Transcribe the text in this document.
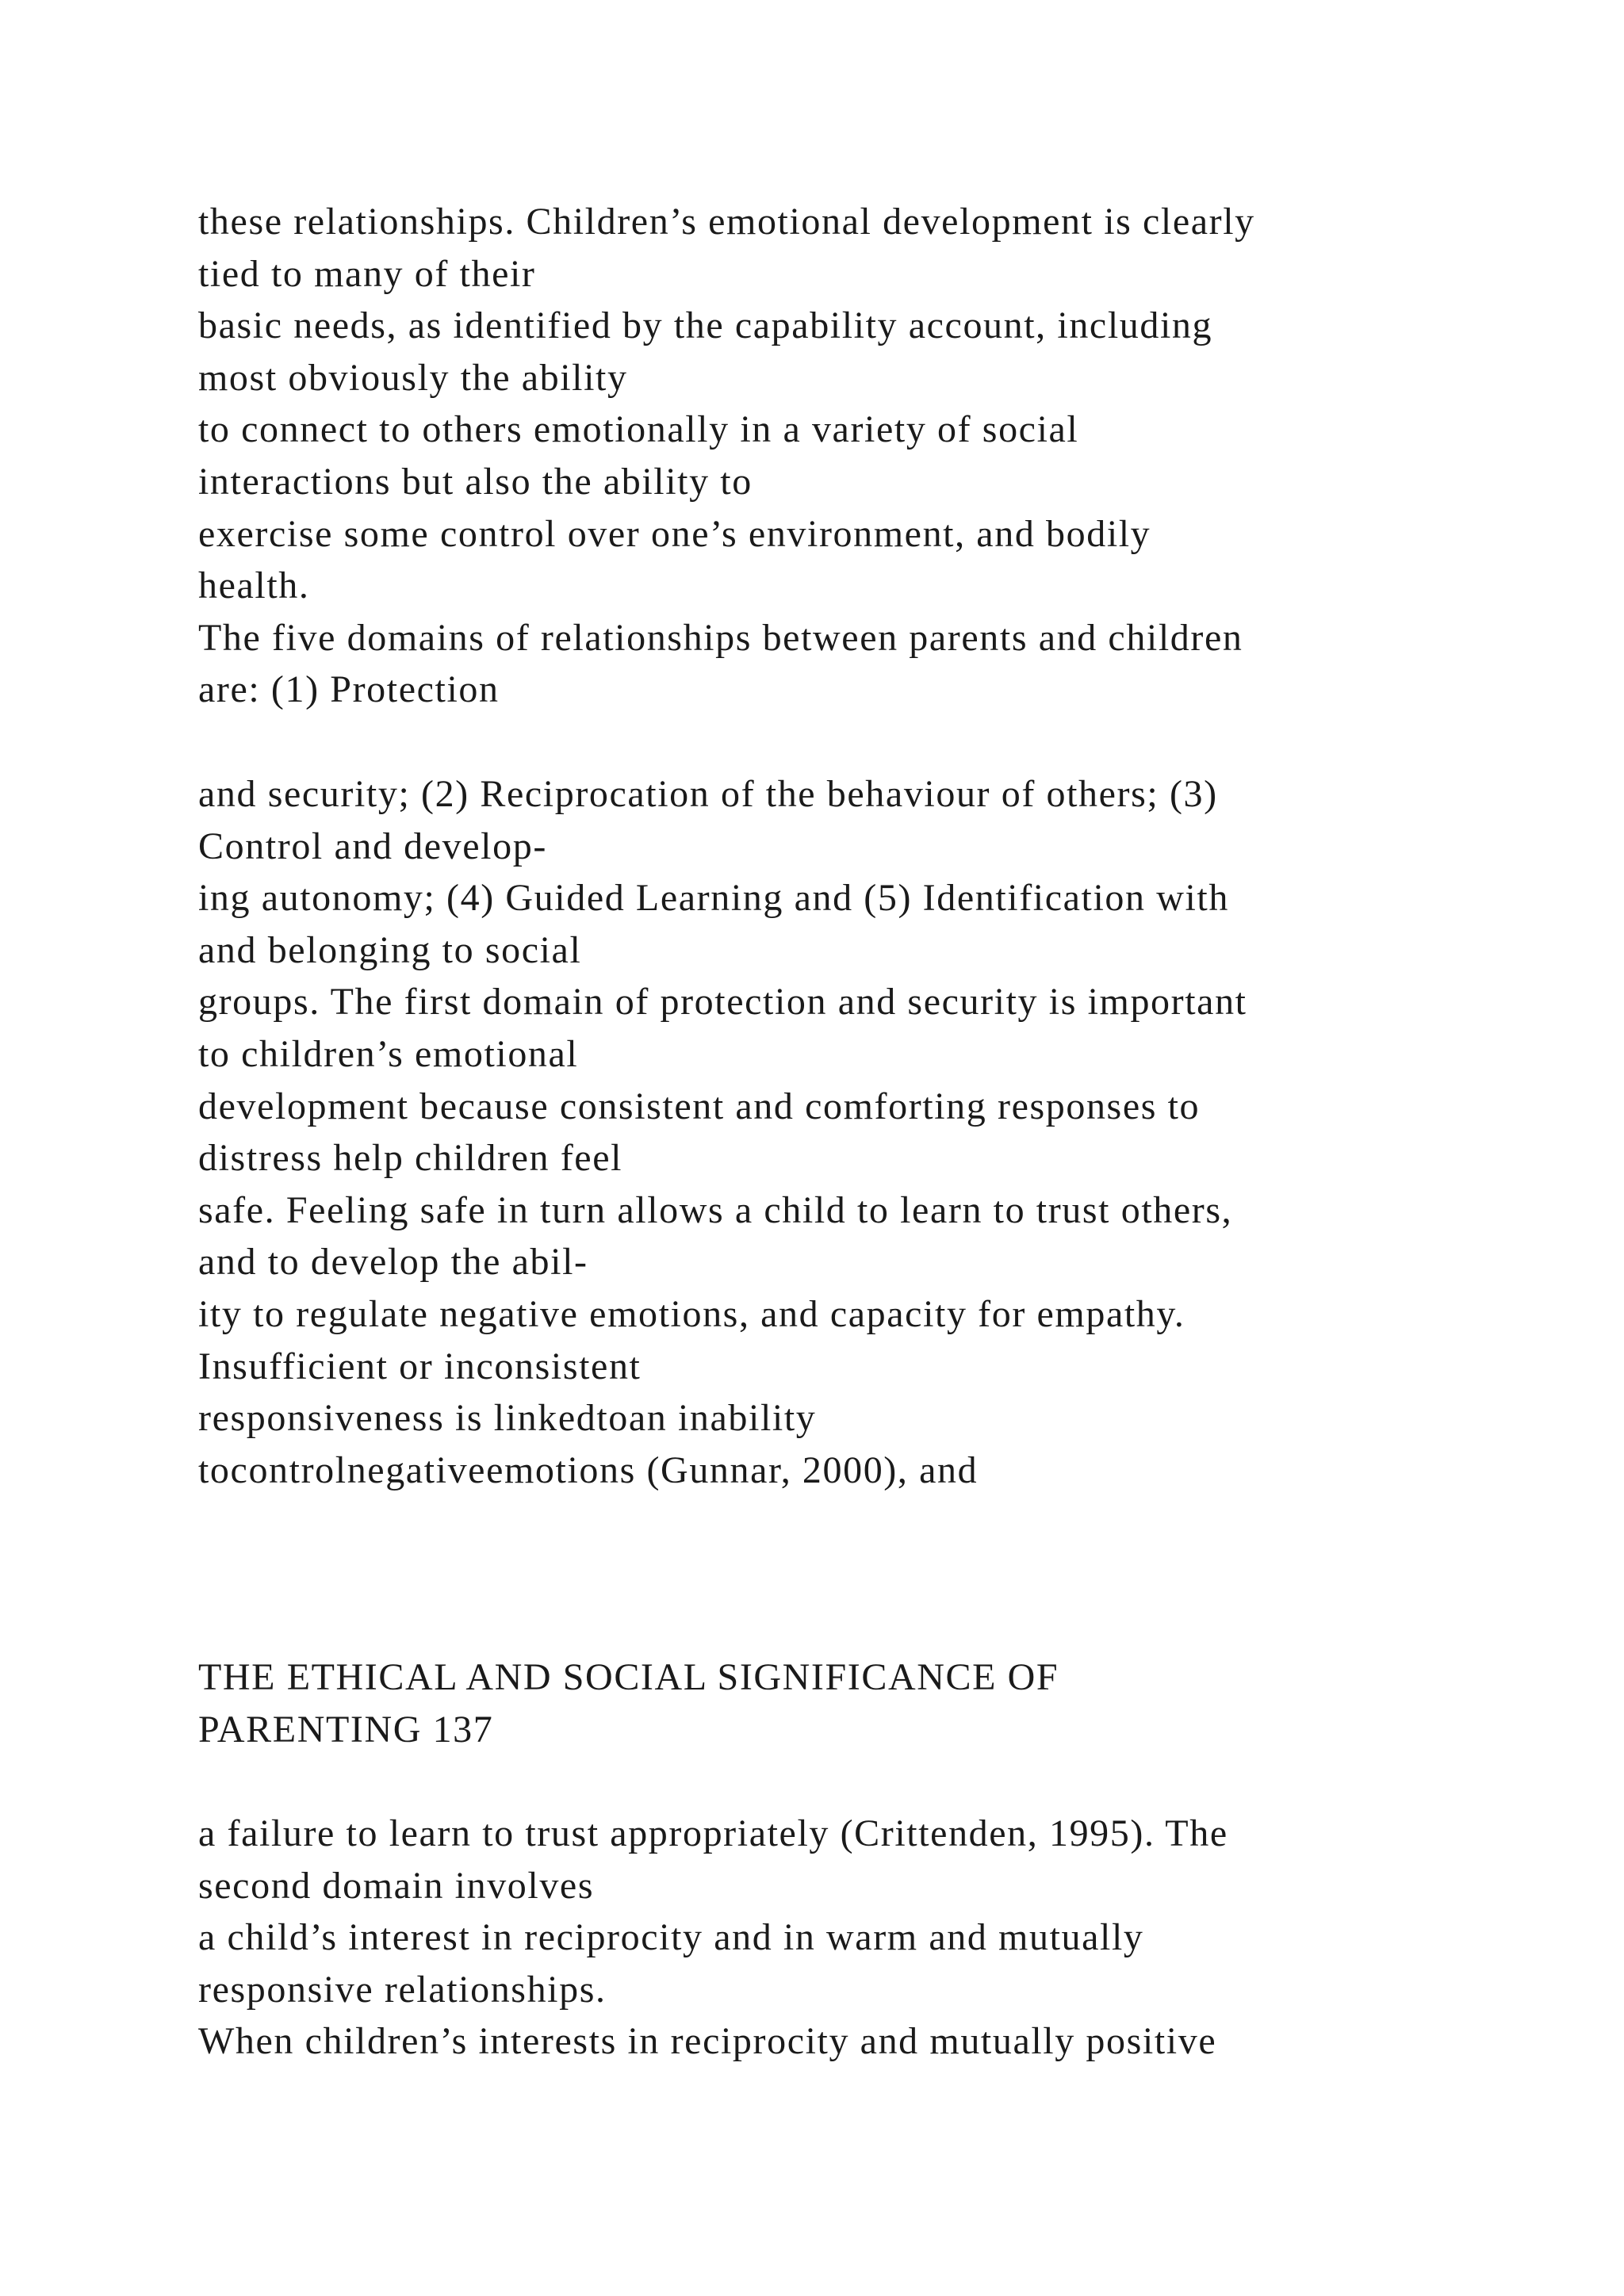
these relationships. Children’s emotional development is clearly
tied to many of their
basic needs, as identified by the capability account, including
most obviously the ability
to connect to others emotionally in a variety of social
interactions but also the ability to
exercise some control over one’s environment, and bodily
health.
The five domains of relationships between parents and children
are: (1) Protection
and security; (2) Reciprocation of the behaviour of others; (3)
Control and develop-
ing autonomy; (4) Guided Learning and (5) Identification with
and belonging to social
groups. The first domain of protection and security is important
to children’s emotional
development because consistent and comforting responses to
distress help children feel
safe. Feeling safe in turn allows a child to learn to trust others,
and to develop the abil-
ity to regulate negative emotions, and capacity for empathy.
Insufficient or inconsistent
responsiveness is linkedtoan inability
tocontrolnegativeemotions (Gunnar, 2000), and
THE ETHICAL AND SOCIAL SIGNIFICANCE OF
PARENTING 137
a failure to learn to trust appropriately (Crittenden, 1995). The
second domain involves
a child’s interest in reciprocity and in warm and mutually
responsive relationships.
When children’s interests in reciprocity and mutually positive
